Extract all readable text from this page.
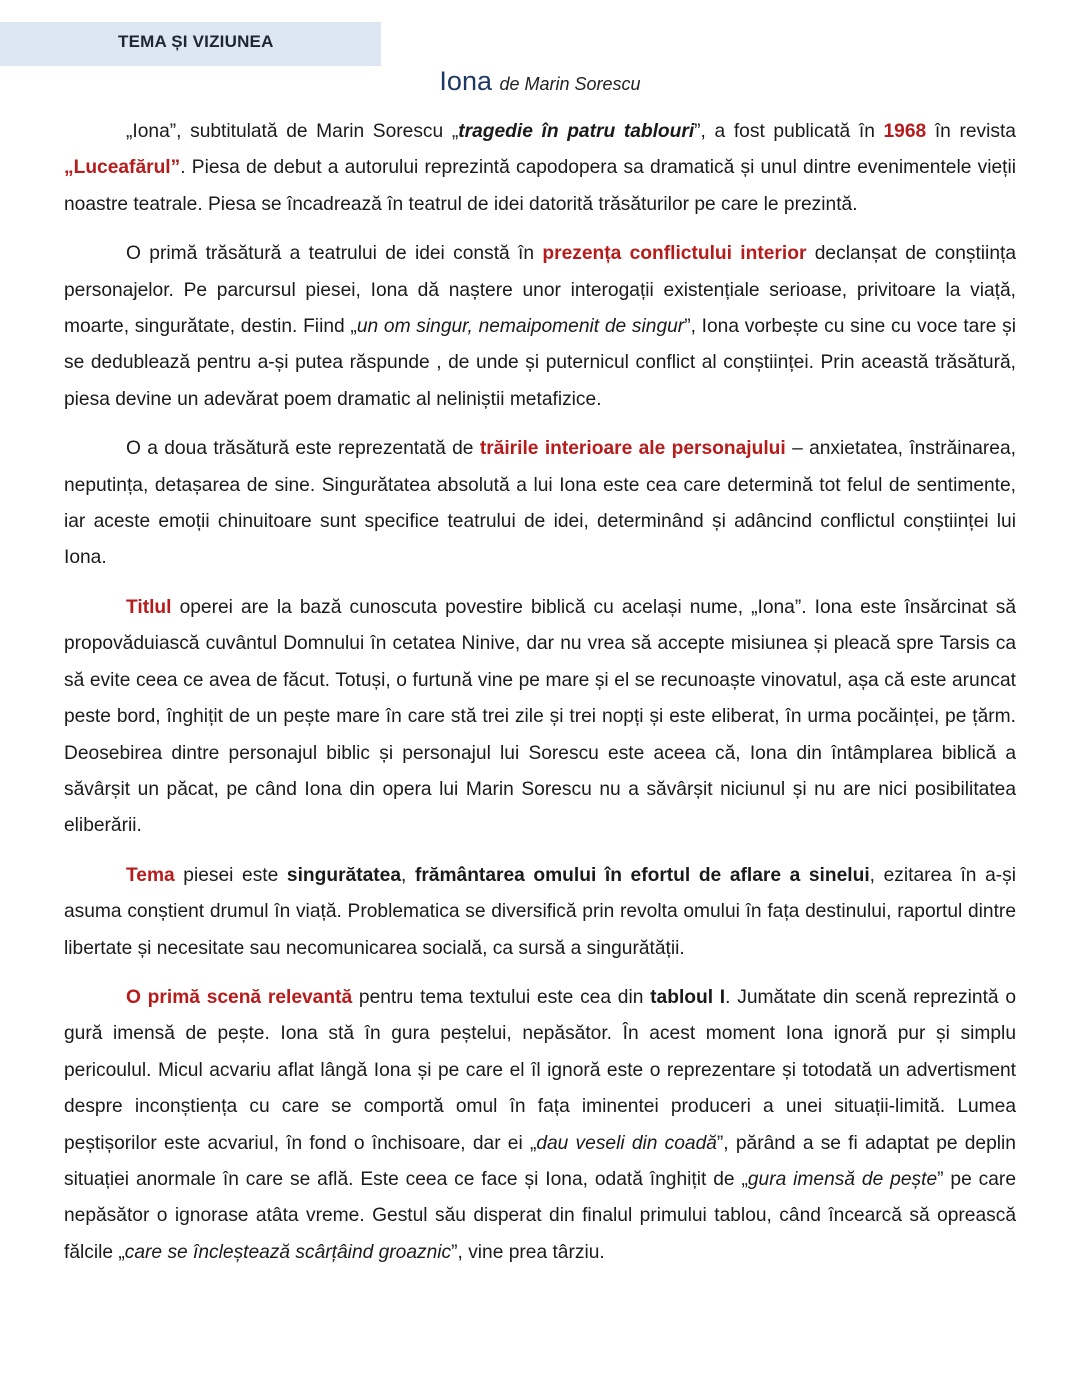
TEMA ȘI VIZIUNEA
Iona de Marin Sorescu

„Iona”, subtitulată de Marin Sorescu „tragedie în patru tablouri”, a fost publicată în 1968 în revista „Luceafărul”. Piesa de debut a autorului reprezintă capodopera sa dramatică și unul dintre evenimentele vieții noastre teatrale. Piesa se încadrează în teatrul de idei datorită trăsăturilor pe care le prezintă.

O primă trăsătură a teatrului de idei constă în prezența conflictului interior declanșat de conștiința personajelor. Pe parcursul piesei, Iona dă naștere unor interogații existențiale serioase, privitoare la viață, moarte, singurătate, destin. Fiind „un om singur, nemaipomenit de singur”, Iona vorbește cu sine cu voce tare și se dedublează pentru a-și putea răspunde , de unde și puternicul conflict al conștiinței. Prin această trăsătură, piesa devine un adevărat poem dramatic al neliniștii metafizice.

O a doua trăsătură este reprezentată de trăirile interioare ale personajului – anxietatea, înstrăinarea, neputința, detașarea de sine. Singurătatea absolută a lui Iona este cea care determină tot felul de sentimente, iar aceste emoții chinuitoare sunt specifice teatrului de idei, determinând și adâncind conflictul conștiinței lui Iona.

Titlul operei are la bază cunoscuta povestire biblică cu același nume, „Iona”. Iona este însărcinat să propovăduiască cuvântul Domnului în cetatea Ninive, dar nu vrea să accepte misiunea și pleacă spre Tarsis ca să evite ceea ce avea de făcut. Totuși, o furtună vine pe mare și el se recunoaște vinovatul, așa că este aruncat peste bord, înghițit de un pește mare în care stă trei zile și trei nopți și este eliberat, în urma pocăinței, pe țărm. Deosebirea dintre personajul biblic și personajul lui Sorescu este aceea că, Iona din întâmplarea biblică a săvârșit un păcat, pe când Iona din opera lui Marin Sorescu nu a săvârșit niciunul și nu are nici posibilitatea eliberării.

Tema piesei este singurătatea, frământarea omului în efortul de aflare a sinelui, ezitarea în a-și asuma conștient drumul în viață. Problematica se diversifică prin revolta omului în fața destinului, raportul dintre libertate și necesitate sau necomunicarea socială, ca sursă a singurătății.

O primă scenă relevantă pentru tema textului este cea din tabloul I. Jumătate din scenă reprezintă o gură imensă de pește. Iona stă în gura peștelui, nepăsător. În acest moment Iona ignoră pur și simplu pericoulul. Micul acvariu aflat lângă Iona și pe care el îl ignoră este o reprezentare și totodată un advertisment despre inconștiența cu care se comportă omul în fața iminentei produceri a unei situații-limită. Lumea peștișorilor este acvariul, în fond o închisoare, dar ei „dau veseli din coadă”, părând a se fi adaptat pe deplin situației anormale în care se află. Este ceea ce face și Iona, odată înghițit de „gura imensă de pește” pe care nepăsător o ignorase atâta vreme. Gestul său disperat din finalul primului tablou, când încearcă să oprească fălcile „care se încleștează scârțâind groaznic”, vine prea târziu.
